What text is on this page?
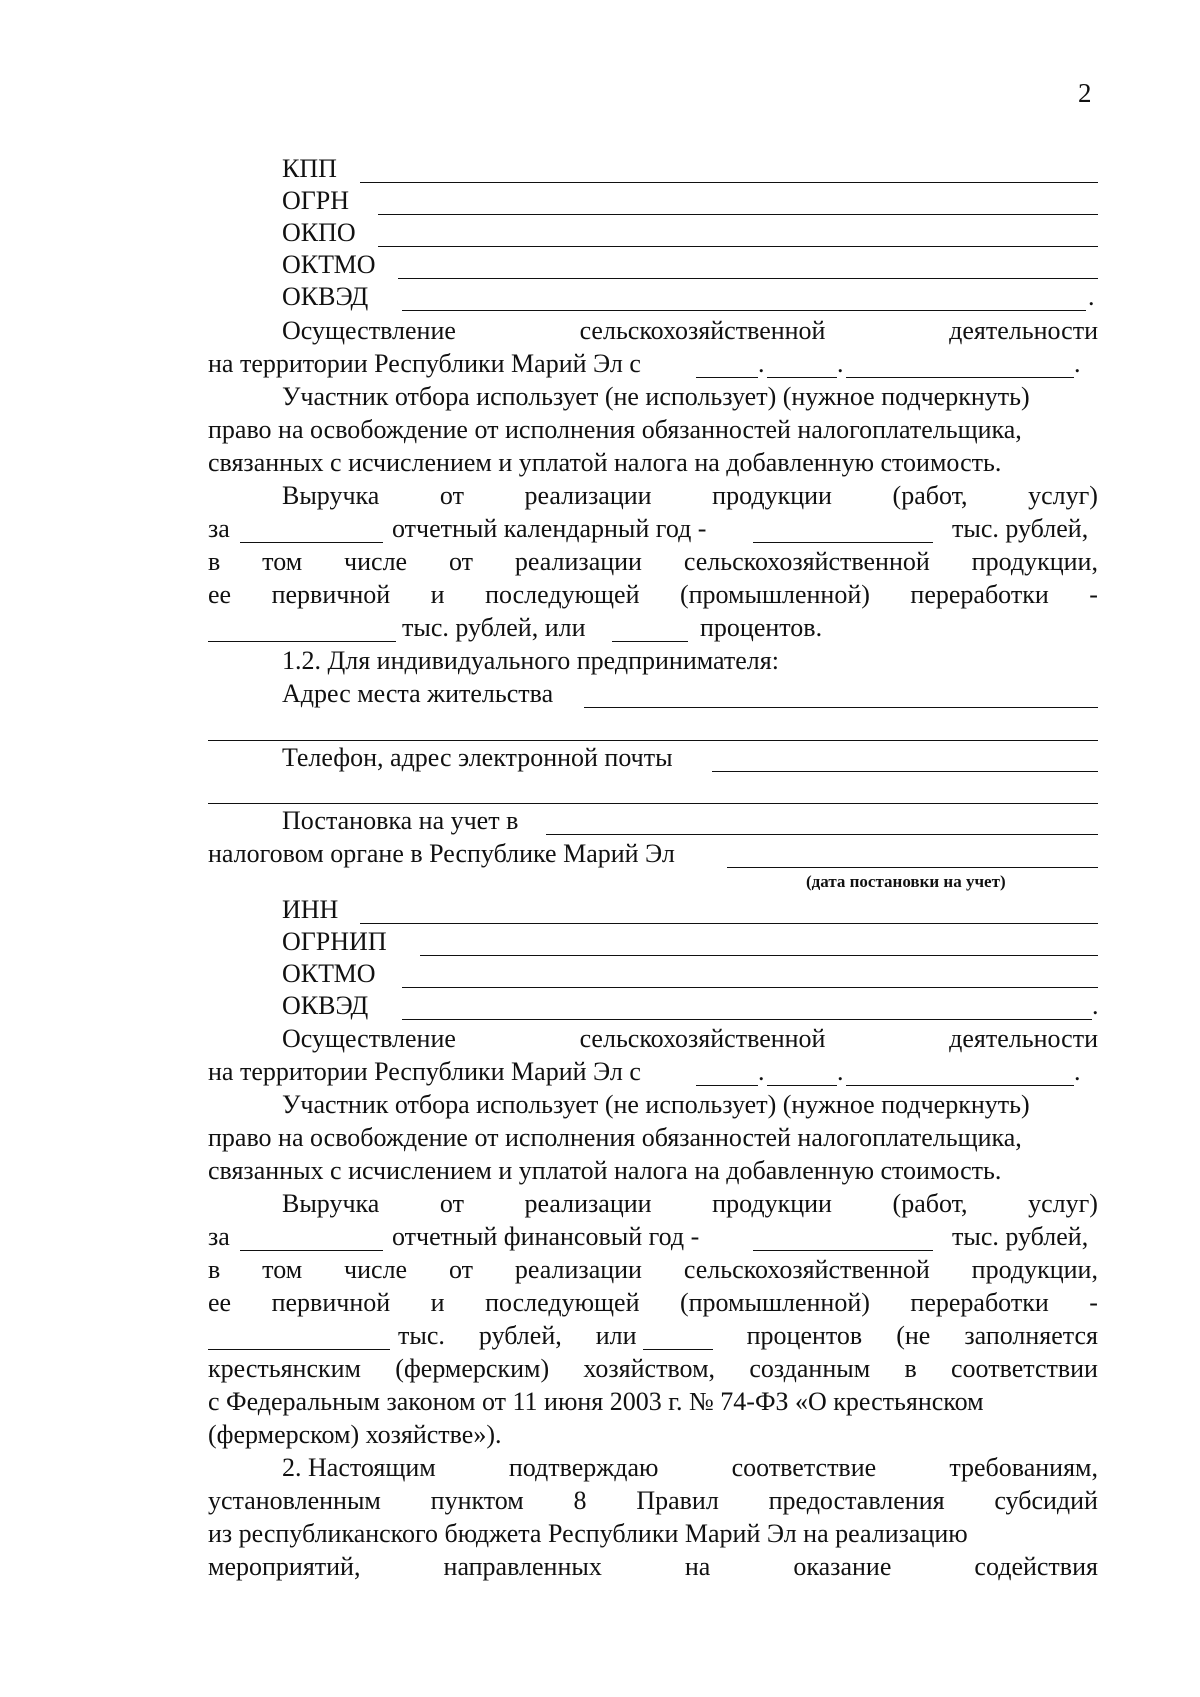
2
КПП
ОГРН
ОКПО
ОКТМО
ОКВЭД	.
Осуществление	сельскохозяйственной	деятельности
на территории Республики Марий Эл с	.	.	.
Участник отбора использует (не использует) (нужное подчеркнуть)
право на освобождение от исполнения обязанностей налогоплательщика,
связанных с исчислением и уплатой налога на добавленную стоимость.
Выручка от реализации продукции (работ, услуг)
за	отчетный календарный год -	тыс. рублей,
в том числе от реализации сельскохозяйственной продукции,
ее первичной и последующей (промышленной) переработки -
тыс. рублей, или	процентов.
1.2. Для индивидуального предпринимателя:
Адрес места жительства
Телефон, адрес электронной почты
Постановка на учет в
налоговом органе в Республике Марий Эл
(дата постановки на учет)
ИНН
ОГРНИП
ОКТМО
ОКВЭД	.
Осуществление	сельскохозяйственной	деятельности
на территории Республики Марий Эл с	.	.	.
Участник отбора использует (не использует) (нужное подчеркнуть)
право на освобождение от исполнения обязанностей налогоплательщика,
связанных с исчислением и уплатой налога на добавленную стоимость.
Выручка от реализации продукции (работ, услуг)
за	отчетный финансовый год -	тыс. рублей,
в том числе от реализации сельскохозяйственной продукции,
ее первичной и последующей (промышленной) переработки -
тыс. рублей, или	процентов (не заполняется
крестьянским (фермерским) хозяйством, созданным в соответствии
с Федеральным законом от 11 июня 2003 г. № 74-ФЗ «О крестьянском
(фермерском) хозяйстве»).
2. Настоящим	подтверждаю	соответствие	требованиям,
установленным пунктом 8 Правил предоставления субсидий
из республиканского бюджета Республики Марий Эл на реализацию
мероприятий,	направленных	на	оказание	содействия
